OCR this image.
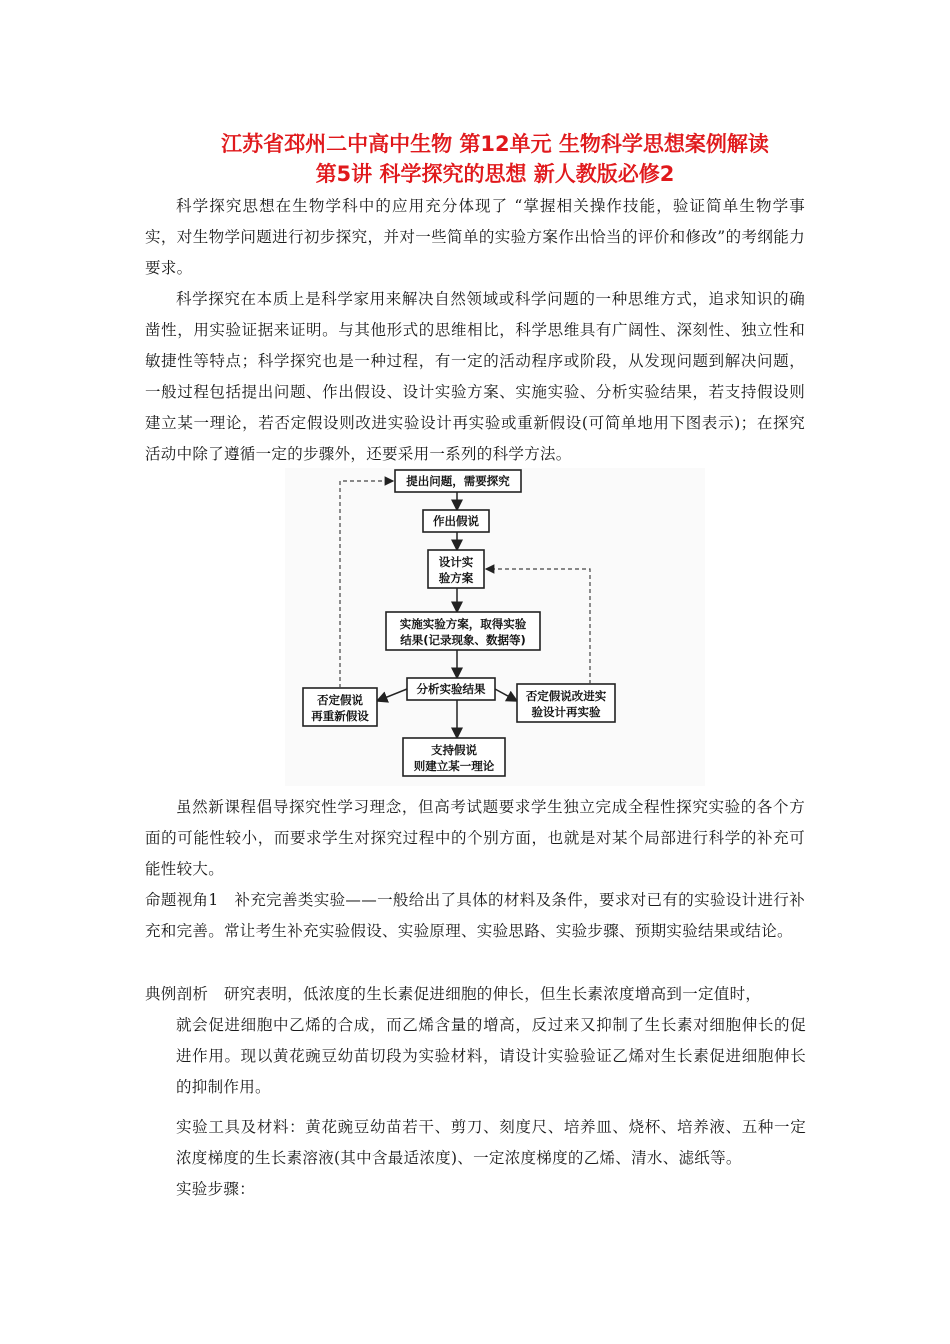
江苏省邳州二中高中生物 第12单元 生物科学思想案例解读
第5讲 科学探究的思想 新人教版必修2

科学探究思想在生物学科中的应用充分体现了 “掌握相关操作技能，验证简单生物学事实，对生物学问题进行初步探究，并对一些简单的实验方案作出恰当的评价和修改”的考纲能力要求。

科学探究在本质上是科学家用来解决自然领域或科学问题的一种思维方式，追求知识的确凿性，用实验证据来证明。与其他形式的思维相比，科学思维具有广阔性、深刻性、独立性和敏捷性等特点；科学探究也是一种过程，有一定的活动程序或阶段，从发现问题到解决问题，一般过程包括提出问题、作出假设、设计实验方案、实施实验、分析实验结果，若支持假设则建立某一理论，若否定假设则改进实验设计再实验或重新假设(可简单地用下图表示)；在探究活动中除了遵循一定的步骤外，还要采用一系列的科学方法。

提出问题，需要探究
作出假说
设计实
验方案
实施实验方案，取得实验
结果(记录现象、数据等)
分析实验结果
否定假说
再重新假设
否定假说改进实
验设计再实验
支持假说
则建立某一理论

虽然新课程倡导探究性学习理念，但高考试题要求学生独立完成全程性探究实验的各个方面的可能性较小，而要求学生对探究过程中的个别方面，也就是对某个局部进行科学的补充可能性较大。

命题视角1　补充完善类实验——一般给出了具体的材料及条件，要求对已有的实验设计进行补充和完善。常让考生补充实验假设、实验原理、实验思路、实验步骤、预期实验结果或结论。

典例剖析　研究表明，低浓度的生长素促进细胞的伸长，但生长素浓度增高到一定值时，

就会促进细胞中乙烯的合成，而乙烯含量的增高，反过来又抑制了生长素对细胞伸长的促进作用。现以黄花豌豆幼苗切段为实验材料，请设计实验验证乙烯对生长素促进细胞伸长的抑制作用。

实验工具及材料：黄花豌豆幼苗若干、剪刀、刻度尺、培养皿、烧杯、培养液、五种一定浓度梯度的生长素溶液(其中含最适浓度)、一定浓度梯度的乙烯、清水、滤纸等。

实验步骤：
